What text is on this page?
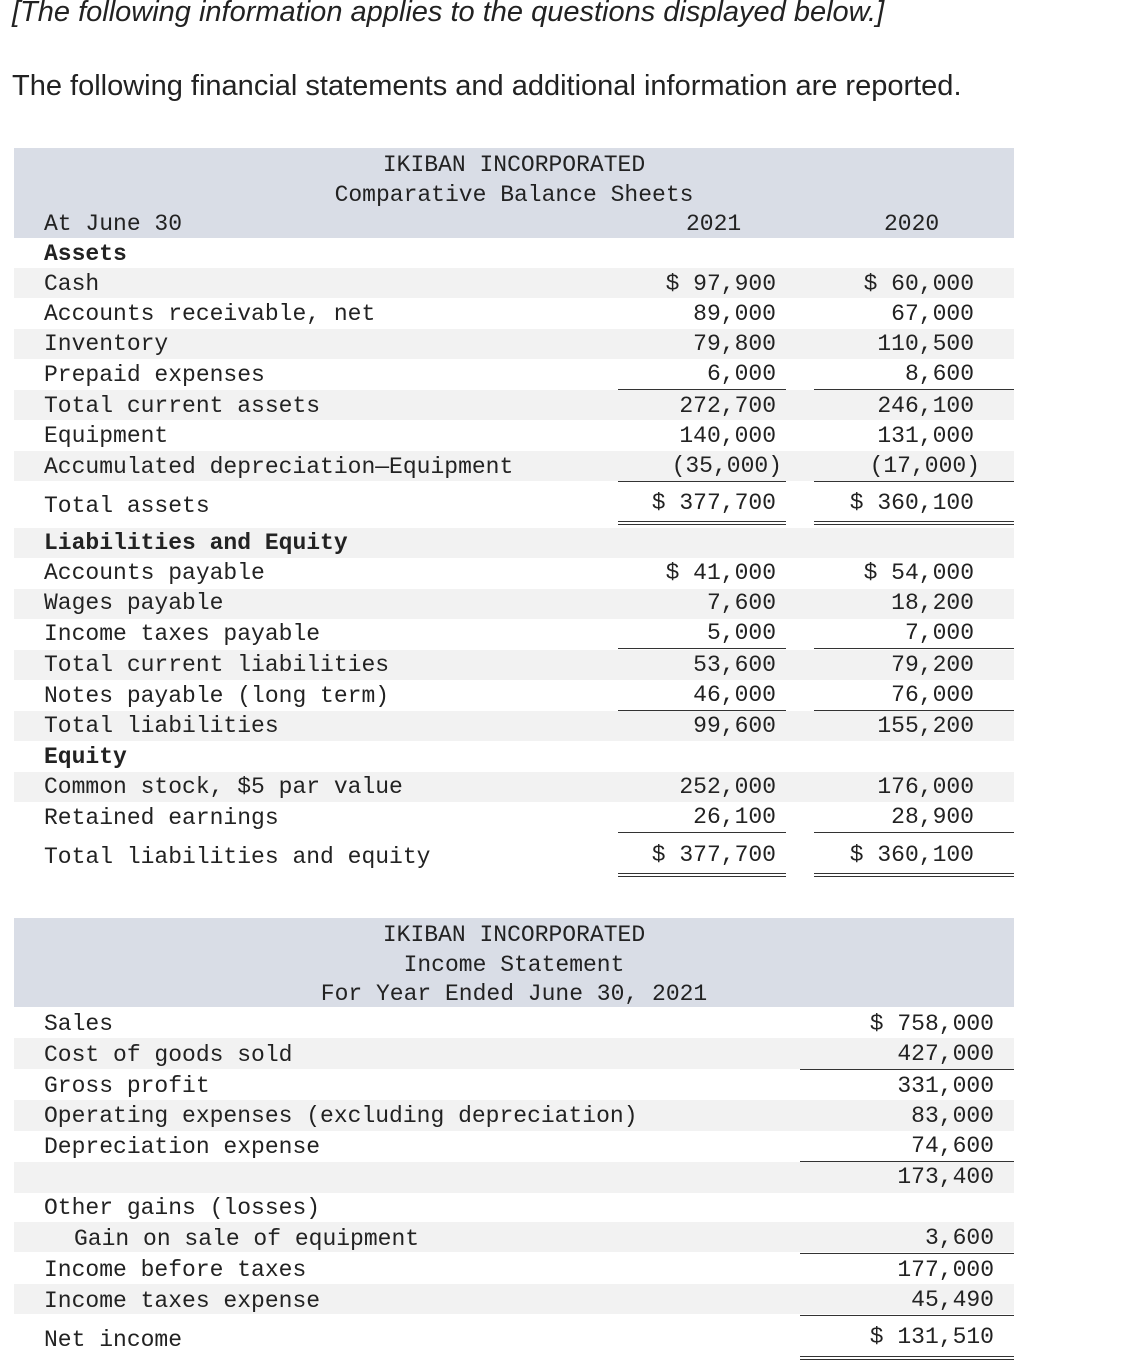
[The following information applies to the questions displayed below.]
The following financial statements and additional information are reported.
IKIBAN INCORPORATED
Comparative Balance Sheets
At June 30	2021	2020
Assets
Cash	$ 97,900	$ 60,000
Accounts receivable, net	89,000	67,000
Inventory	79,800	110,500
Prepaid expenses	6,000	8,600
Total current assets	272,700	246,100
Equipment	140,000	131,000
Accumulated depreciation—Equipment	(35,000)	(17,000)
Total assets	$ 377,700	$ 360,100
Liabilities and Equity
Accounts payable	$ 41,000	$ 54,000
Wages payable	7,600	18,200
Income taxes payable	5,000	7,000
Total current liabilities	53,600	79,200
Notes payable (long term)	46,000	76,000
Total liabilities	99,600	155,200
Equity
Common stock, $5 par value	252,000	176,000
Retained earnings	26,100	28,900
Total liabilities and equity	$ 377,700	$ 360,100
IKIBAN INCORPORATED
Income Statement
For Year Ended June 30, 2021
Sales	$ 758,000
Cost of goods sold	427,000
Gross profit	331,000
Operating expenses (excluding depreciation)	83,000
Depreciation expense	74,600
173,400
Other gains (losses)
Gain on sale of equipment	3,600
Income before taxes	177,000
Income taxes expense	45,490
Net income	$ 131,510
